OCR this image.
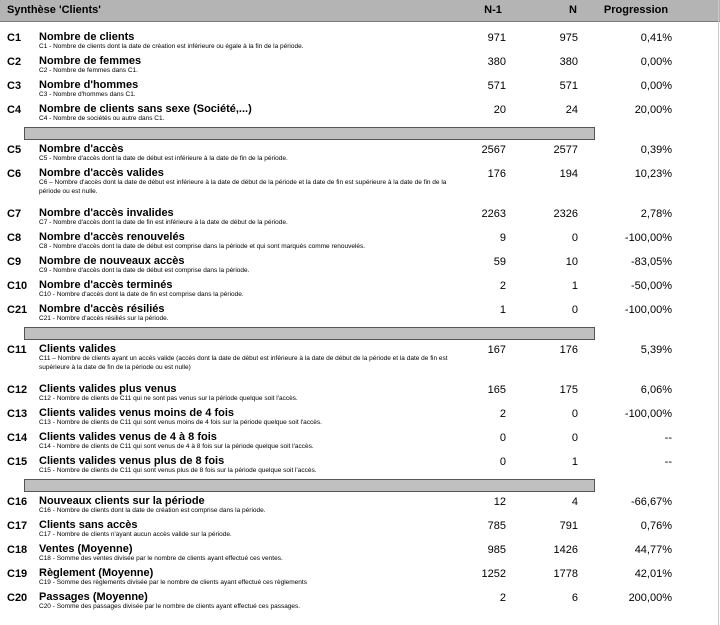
Synthèse 'Clients'	N-1	N	Progression
C1 Nombre de clients
C1 - Nombre de clients dont la date de création est inférieure ou égale à la fin de la période.
971	975	0,41%
C2 Nombre de femmes
C2 - Nombre de femmes dans C1.
380	380	0,00%
C3 Nombre d'hommes
C3 - Nombre d'hommes dans C1.
571	571	0,00%
C4 Nombre de clients sans sexe (Société,...)
C4 - Nombre de sociétés ou autre dans C1.
20	24	20,00%
C5 Nombre d'accès
C5 - Nombre d'accès dont la date de début est inférieure à la date de fin de la période.
2567	2577	0,39%
C6 Nombre d'accès valides
C6 – Nombre d'accès dont la date de début est inférieure à la date de début de la période et la date de fin est supérieure à la date de fin de la période ou est nulle.
176	194	10,23%
C7 Nombre d'accès invalides
C7 - Nombre d'accès dont la date de fin est inférieure à la date de début de la période.
2263	2326	2,78%
C8 Nombre d'accès renouvelés
C8 - Nombre d'accès dont la date de début est comprise dans la période et qui sont marqués comme renouvelés.
9	0	-100,00%
C9 Nombre de nouveaux accès
C9 - Nombre d'accès dont la date de début est comprise dans la période.
59	10	-83,05%
C10 Nombre d'accès terminés
C10 - Nombre d'accès dont la date de fin est comprise dans la période.
2	1	-50,00%
C21 Nombre d'accès résiliés
C21 - Nombre d'accès résiliés sur la période.
1	0	-100,00%
C11 Clients valides
C11 – Nombre de clients ayant un accès valide (accès dont la date de début est inférieure à la date de début de la période et la date de fin est supérieure à la date de fin de la période ou est nulle)
167	176	5,39%
C12 Clients valides plus venus
C12 - Nombre de clients de C11 qui ne sont pas venus sur la période quelque soit l'accès.
165	175	6,06%
C13 Clients valides venus moins de 4 fois
C13 - Nombre de clients de C11 qui sont venus moins de 4 fois sur la période quelque soit l'accès.
2	0	-100,00%
C14 Clients valides venus de 4 à 8 fois
C14 - Nombre de clients de C11 qui sont venus de 4 à 8 fois sur la période quelque soit l'accès.
0	0	--
C15 Clients valides venus plus de 8 fois
C15 - Nombre de clients de C11 qui sont venus plus de 8 fois sur la période quelque soit l'accès.
0	1	--
C16 Nouveaux clients sur la période
C16 - Nombre de clients dont la date de création est comprise dans la période.
12	4	-66,67%
C17 Clients sans accès
C17 - Nombre de clients n'ayant aucun accès valide sur la période.
785	791	0,76%
C18 Ventes (Moyenne)
C18 - Somme des ventes divisée par le nombre de clients ayant effectué ces ventes.
985	1426	44,77%
C19 Règlement (Moyenne)
C19 - Somme des règlements divisée par le nombre de clients ayant effectué ces règlements
1252	1778	42,01%
C20 Passages (Moyenne)
C20 - Somme des passages divisée par le nombre de clients ayant effectué ces passages.
2	6	200,00%
